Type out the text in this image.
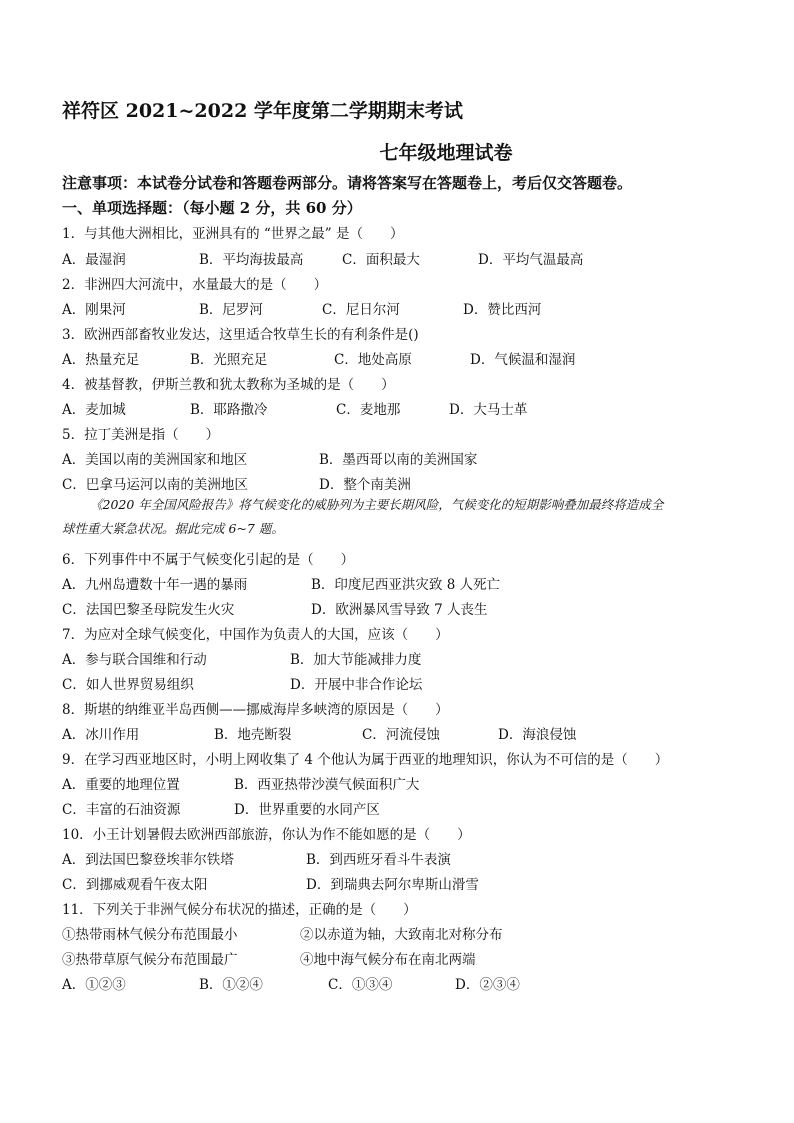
祥符区 2021~2022 学年度第二学期期末考试
七年级地理试卷
注意事项：本试卷分试卷和答题卷两部分。请将答案写在答题卷上，考后仅交答题卷。
一、单项选择题：（每小题 2 分，共 60 分）
1．与其他大洲相比，亚洲具有的 “世界之最” 是（　　）
A．最湿润	B．平均海拔最高	C．面积最大	D．平均气温最高
2．非洲四大河流中，水量最大的是（　　）
A．刚果河	B．尼罗河	C．尼日尔河	D．赞比西河
3．欧洲西部畜牧业发达，这里适合牧草生长的有利条件是()
A．热量充足	B．光照充足	C．地处高原	D．气候温和湿润
4．被基督教，伊斯兰教和犹太教称为圣城的是（　　）
A．麦加城	B．耶路撒冷	C．麦地那	D．大马士革
5．拉丁美洲是指（　　）
A．美国以南的美洲国家和地区	B．墨西哥以南的美洲国家
C．巴拿马运河以南的美洲地区	D．整个南美洲
《2020 年全国风险报告》将气候变化的威胁列为主要长期风险，气候变化的短期影响叠加最终将造成全
球性重大紧急状况。据此完成 6~7 题。
6．下列事件中不属于气候变化引起的是（　　）
A．九州岛遭数十年一遇的暴雨	B．印度尼西亚洪灾致 8 人死亡
C．法国巴黎圣母院发生火灾	D．欧洲暴风雪导致 7 人丧生
7．为应对全球气候变化，中国作为负责人的大国，应该（　　）
A．参与联合国维和行动	B．加大节能减排力度
C．如人世界贸易组织	D．开展中非合作论坛
8．斯堪的纳维亚半岛西侧——挪威海岸多峡湾的原因是（　　）
A．冰川作用	B．地壳断裂	C．河流侵蚀	D．海浪侵蚀
9．在学习西亚地区时，小明上网收集了 4 个他认为属于西亚的地理知识，你认为不可信的是（　　）
A．重要的地理位置	B．西亚热带沙漠气候面积广大
C．丰富的石油资源	D．世界重要的水同产区
10．小王计划暑假去欧洲西部旅游，你认为作不能如愿的是（　　）
A．到法国巴黎登埃菲尔铁塔	B．到西班牙看斗牛表演
C．到挪威观看午夜太阳	D．到瑞典去阿尔卑斯山滑雪
11．下列关于非洲气候分布状况的描述，正确的是（　　）
①热带雨林气候分布范围最小	②以赤道为轴，大致南北对称分布
③热带草原气候分布范围最广	④地中海气候分布在南北两端
A．①②③	B．①②④	C．①③④	D．②③④
